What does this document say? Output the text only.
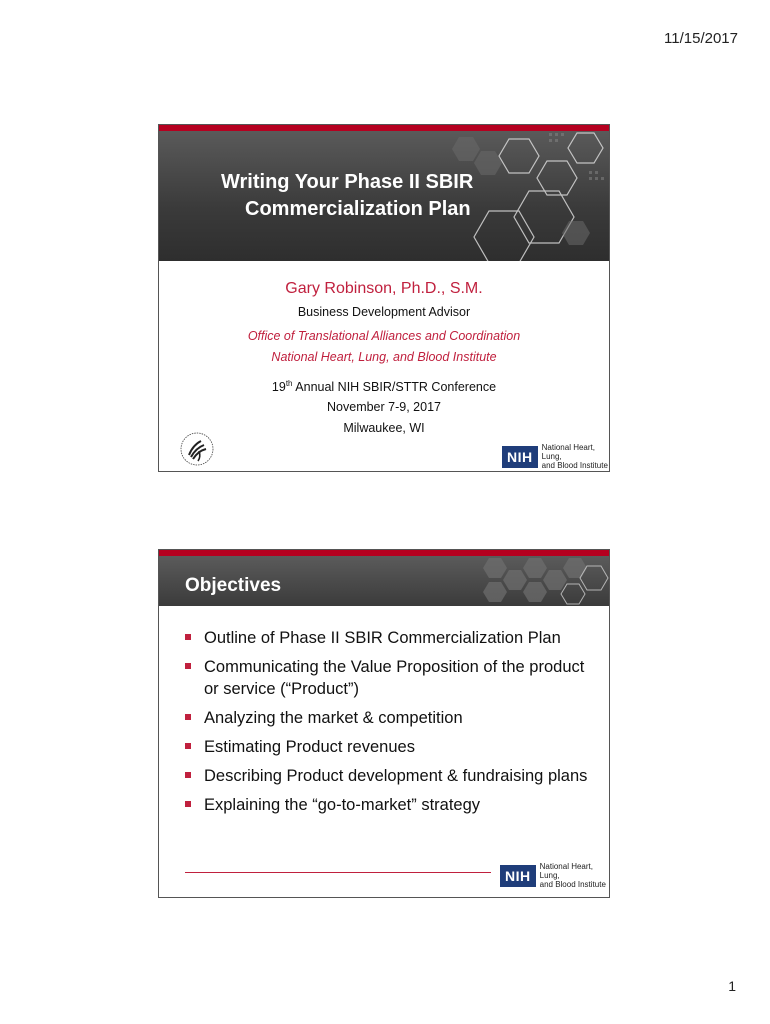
11/15/2017
Writing Your Phase II SBIR
Commercialization Plan
Gary Robinson, Ph.D., S.M.
Business Development Advisor
Office of Translational Alliances and Coordination
National Heart, Lung, and Blood Institute
19th Annual NIH SBIR/STTR Conference
November 7-9, 2017
Milwaukee, WI
NIH
National Heart, Lung,
and Blood Institute
Objectives
Outline of Phase II SBIR Commercialization Plan
Communicating the Value Proposition of the product or service (“Product”)
Analyzing the market & competition
Estimating Product revenues
Describing Product development & fundraising plans
Explaining the “go-to-market” strategy
NIH
National Heart, Lung,
and Blood Institute
1
